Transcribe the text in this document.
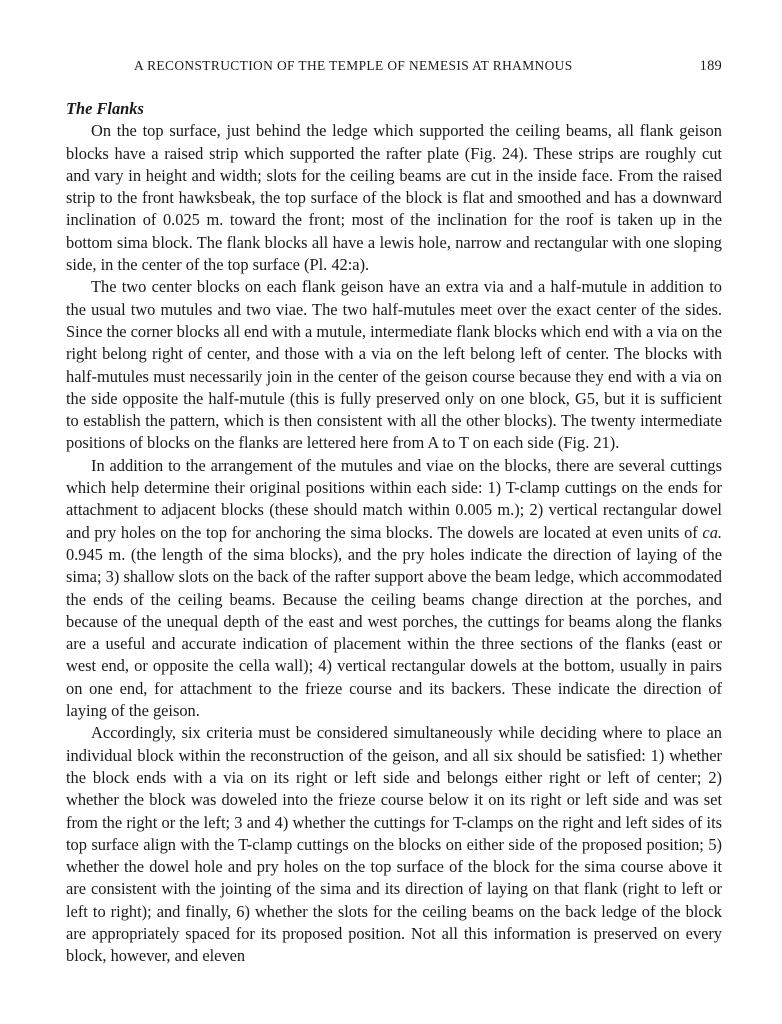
A RECONSTRUCTION OF THE TEMPLE OF NEMESIS AT RHAMNOUS	189
The Flanks

On the top surface, just behind the ledge which supported the ceiling beams, all flank geison blocks have a raised strip which supported the rafter plate (Fig. 24). These strips are roughly cut and vary in height and width; slots for the ceiling beams are cut in the inside face. From the raised strip to the front hawksbeak, the top surface of the block is flat and smoothed and has a downward inclination of 0.025 m. toward the front; most of the inclination for the roof is taken up in the bottom sima block. The flank blocks all have a lewis hole, narrow and rectangular with one sloping side, in the center of the top surface (Pl. 42:a).

The two center blocks on each flank geison have an extra via and a half-mutule in addition to the usual two mutules and two viae. The two half-mutules meet over the exact center of the sides. Since the corner blocks all end with a mutule, intermediate flank blocks which end with a via on the right belong right of center, and those with a via on the left belong left of center. The blocks with half-mutules must necessarily join in the center of the geison course because they end with a via on the side opposite the half-mutule (this is fully preserved only on one block, G5, but it is sufficient to establish the pattern, which is then consistent with all the other blocks). The twenty intermediate positions of blocks on the flanks are lettered here from A to T on each side (Fig. 21).

In addition to the arrangement of the mutules and viae on the blocks, there are several cuttings which help determine their original positions within each side: 1) T-clamp cuttings on the ends for attachment to adjacent blocks (these should match within 0.005 m.); 2) vertical rectangular dowel and pry holes on the top for anchoring the sima blocks. The dowels are located at even units of ca. 0.945 m. (the length of the sima blocks), and the pry holes indicate the direction of laying of the sima; 3) shallow slots on the back of the rafter support above the beam ledge, which accommodated the ends of the ceiling beams. Because the ceiling beams change direction at the porches, and because of the unequal depth of the east and west porches, the cuttings for beams along the flanks are a useful and accurate indication of placement within the three sections of the flanks (east or west end, or opposite the cella wall); 4) vertical rectangular dowels at the bottom, usually in pairs on one end, for attachment to the frieze course and its backers. These indicate the direction of laying of the geison.

Accordingly, six criteria must be considered simultaneously while deciding where to place an individual block within the reconstruction of the geison, and all six should be satisfied: 1) whether the block ends with a via on its right or left side and belongs either right or left of center; 2) whether the block was doweled into the frieze course below it on its right or left side and was set from the right or the left; 3 and 4) whether the cuttings for T-clamps on the right and left sides of its top surface align with the T-clamp cuttings on the blocks on either side of the proposed position; 5) whether the dowel hole and pry holes on the top surface of the block for the sima course above it are consistent with the jointing of the sima and its direction of laying on that flank (right to left or left to right); and finally, 6) whether the slots for the ceiling beams on the back ledge of the block are appropriately spaced for its proposed position. Not all this information is preserved on every block, however, and eleven
